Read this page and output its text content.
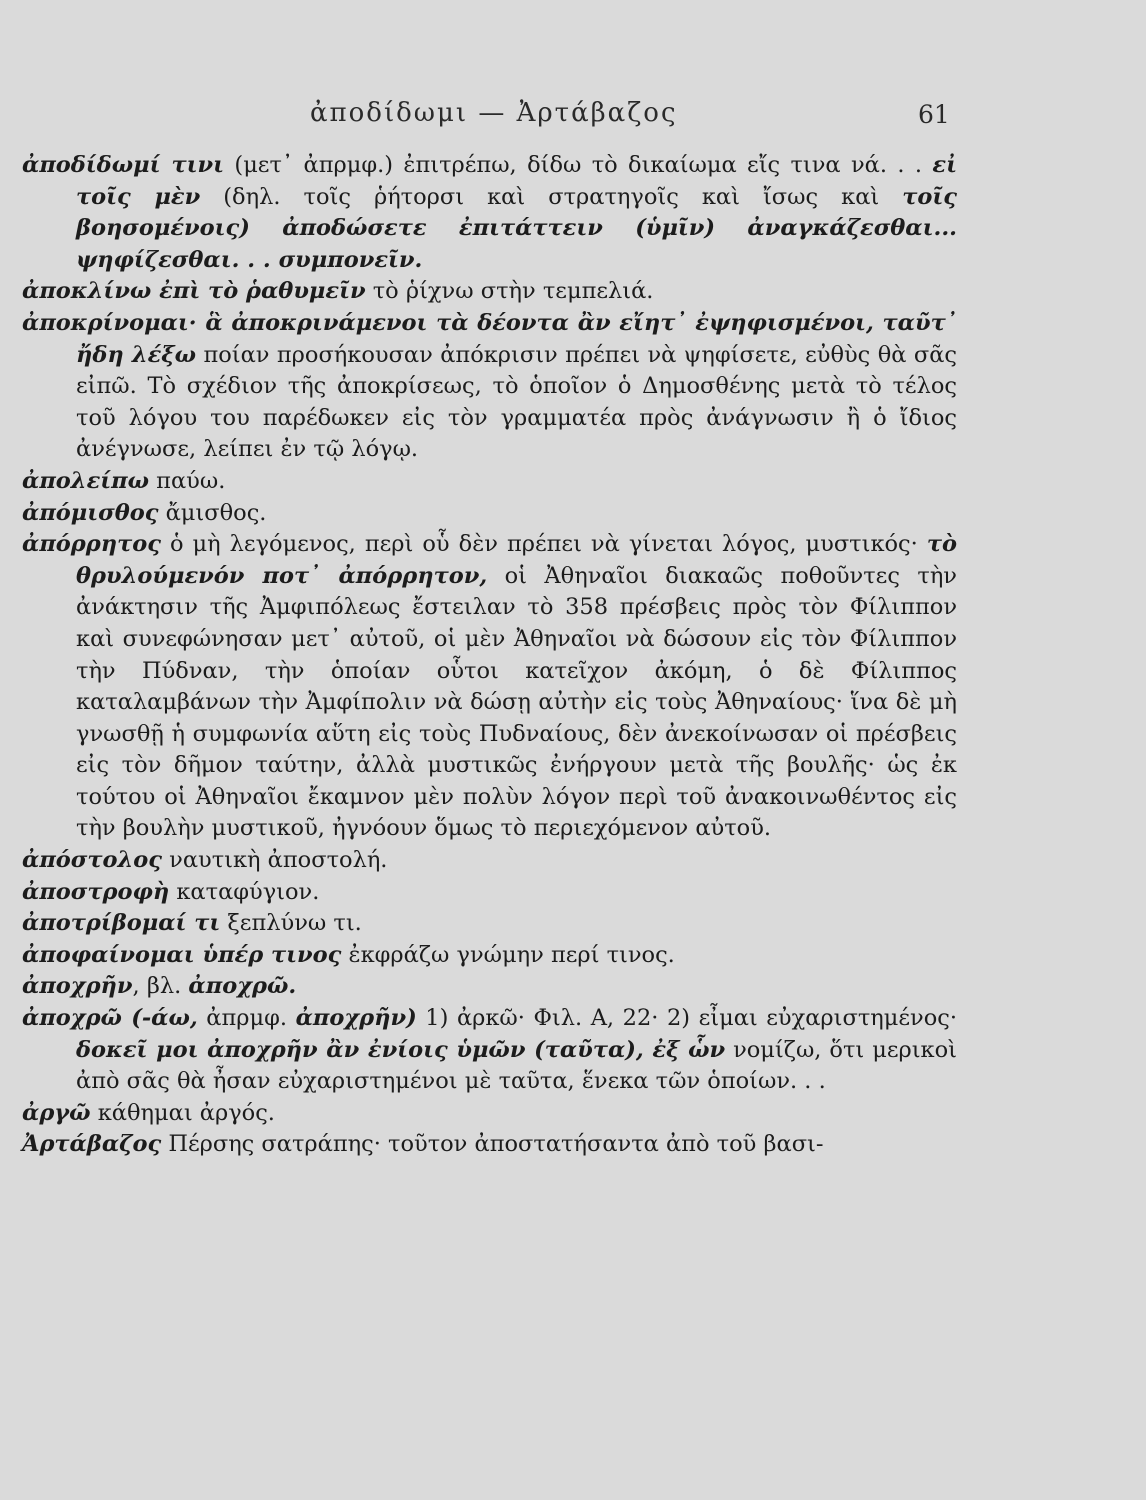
ἀποδίδωμι — Ἀρτάβαζος	61

ἀποδίδωμί τινι (μετ᾽ ἀπρμφ.) ἐπιτρέπω, δίδω τὸ δικαίωμα εἴς τινα νά. . . εἰ τοῖς μὲν (δηλ. τοῖς ῥήτορσι καὶ στρατηγοῖς καὶ ἴσως καὶ τοῖς βοησομένοις) ἀποδώσετε ἐπιτάττειν (ὑμῖν) ἀναγκάζεσθαι... ψηφίζεσθαι. . . συμπονεῖν.

ἀποκλίνω ἐπὶ τὸ ῥαθυμεῖν τὸ ῥίχνω στὴν τεμπελιά.

ἀποκρίνομαι· ἃ ἀποκρινάμενοι τὰ δέοντα ἂν εἴητ᾽ ἐψηφισμένοι, ταῦτ᾽ ἤδη λέξω ποίαν προσήκουσαν ἀπόκρισιν πρέπει νὰ ψηφίσετε, εὐθὺς θὰ σᾶς εἰπῶ. Τὸ σχέδιον τῆς ἀποκρίσεως, τὸ ὁποῖον ὁ Δημοσθένης μετὰ τὸ τέλος τοῦ λόγου του παρέδωκεν εἰς τὸν γραμματέα πρὸς ἀνάγνωσιν ἢ ὁ ἴδιος ἀνέγνωσε, λείπει ἐν τῷ λόγῳ.

ἀπολείπω παύω.

ἀπόμισθος ἄμισθος.

ἀπόρρητος ὁ μὴ λεγόμενος, περὶ οὗ δὲν πρέπει νὰ γίνεται λόγος, μυστικός· τὸ θρυλούμενόν ποτ᾽ ἀπόρρητον, οἱ Ἀθηναῖοι διακαῶς ποθοῦντες τὴν ἀνάκτησιν τῆς Ἀμφιπόλεως ἔστειλαν τὸ 358 πρέσβεις πρὸς τὸν Φίλιππον καὶ συνεφώνησαν μετ᾽ αὐτοῦ, οἱ μὲν Ἀθηναῖοι νὰ δώσουν εἰς τὸν Φίλιππον τὴν Πύδναν, τὴν ὁποίαν οὗτοι κατεῖχον ἀκόμη, ὁ δὲ Φίλιππος καταλαμβάνων τὴν Ἀμφίπολιν νὰ δώσῃ αὐτὴν εἰς τοὺς Ἀθηναίους· ἵνα δὲ μὴ γνωσθῇ ἡ συμφωνία αὕτη εἰς τοὺς Πυδναίους, δὲν ἀνεκοίνωσαν οἱ πρέσβεις εἰς τὸν δῆμον ταύτην, ἀλλὰ μυστικῶς ἐνήργουν μετὰ τῆς βουλῆς· ὡς ἐκ τούτου οἱ Ἀθηναῖοι ἔκαμνον μὲν πολὺν λόγον περὶ τοῦ ἀνακοινωθέντος εἰς τὴν βουλὴν μυστικοῦ, ἠγνόουν ὅμως τὸ περιεχόμενον αὐτοῦ.

ἀπόστολος ναυτικὴ ἀποστολή.

ἀποστροφὴ καταφύγιον.

ἀποτρίβομαί τι ξεπλύνω τι.

ἀποφαίνομαι ὑπέρ τινος ἐκφράζω γνώμην περί τινος.

ἀποχρῆν, βλ. ἀποχρῶ.

ἀποχρῶ (-άω, ἀπρμφ. ἀποχρῆν) 1) ἀρκῶ· Φιλ. Α, 22· 2) εἶμαι εὐχαριστημένος· δοκεῖ μοι ἀποχρῆν ἂν ἐνίοις ὑμῶν (ταῦτα), ἐξ ὧν νομίζω, ὅτι μερικοὶ ἀπὸ σᾶς θὰ ἦσαν εὐχαριστημένοι μὲ ταῦτα, ἕνεκα τῶν ὁποίων. . .

ἀργῶ κάθημαι ἀργός.

Ἀρτάβαζος Πέρσης σατράπης· τοῦτον ἀποστατήσαντα ἀπὸ τοῦ βασι-
